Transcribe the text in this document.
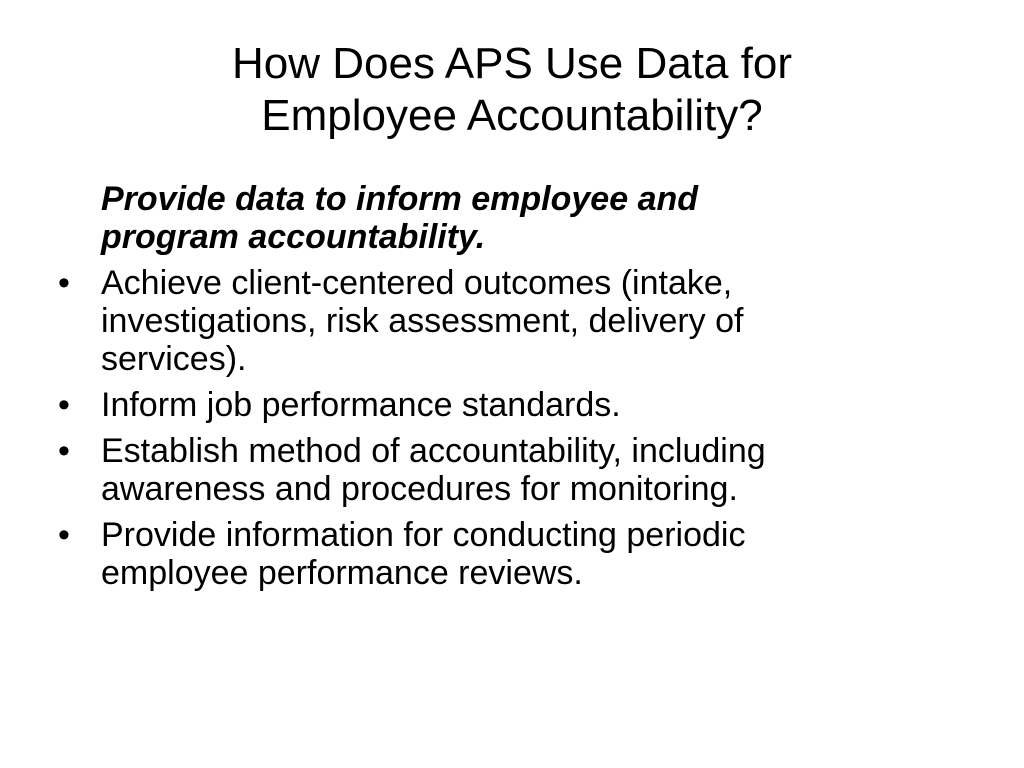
How Does APS Use Data for
Employee Accountability?

Provide data to inform employee and
program accountability.

• Achieve client-centered outcomes (intake,
investigations, risk assessment, delivery of
services).
• Inform job performance standards.
• Establish method of accountability, including
awareness and procedures for monitoring.
• Provide information for conducting periodic
employee performance reviews.
